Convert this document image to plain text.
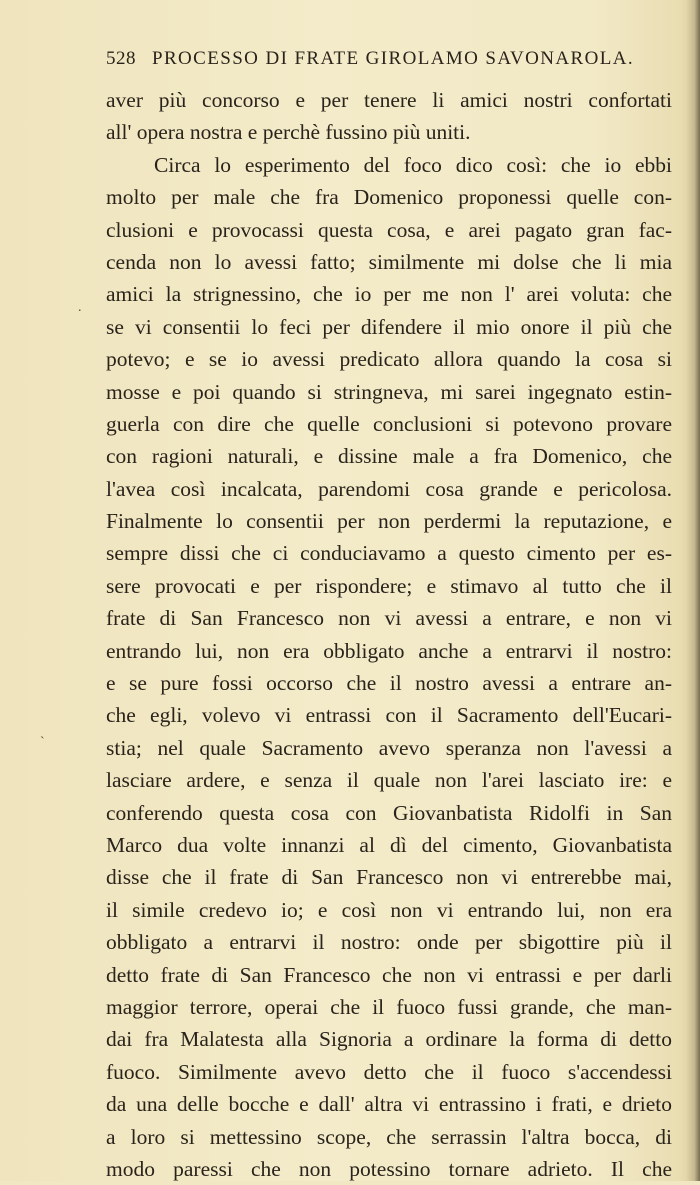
528 PROCESSO DI FRATE GIROLAMO SAVONAROLA.
aver più concorso e per tenere li amici nostri confortati
all' opera nostra e perchè fussino più uniti.
Circa lo esperimento del foco dico così: che io ebbi
molto per male che fra Domenico proponessi quelle con-
clusioni e provocassi questa cosa, e arei pagato gran fac-
cenda non lo avessi fatto; similmente mi dolse che li mia
amici la strignessino, che io per me non l' arei voluta: che
se vi consentii lo feci per difendere il mio onore il più che
potevo; e se io avessi predicato allora quando la cosa si
mosse e poi quando si stringneva, mi sarei ingegnato estin-
guerla con dire che quelle conclusioni si potevono provare
con ragioni naturali, e dissine male a fra Domenico, che
l'avea così incalcata, parendomi cosa grande e pericolosa.
Finalmente lo consentii per non perdermi la reputazione, e
sempre dissi che ci conduciavamo a questo cimento per es-
sere provocati e per rispondere; e stimavo al tutto che il
frate di San Francesco non vi avessi a entrare, e non vi
entrando lui, non era obbligato anche a entrarvi il nostro:
e se pure fossi occorso che il nostro avessi a entrare an-
che egli, volevo vi entrassi con il Sacramento dell'Eucari-
stia; nel quale Sacramento avevo speranza non l'avessi a
lasciare ardere, e senza il quale non l'arei lasciato ire: e
conferendo questa cosa con Giovanbatista Ridolfi in San
Marco dua volte innanzi al dì del cimento, Giovanbatista
disse che il frate di San Francesco non vi entrerebbe mai,
il simile credevo io; e così non vi entrando lui, non era
obbligato a entrarvi il nostro: onde per sbigottire più il
detto frate di San Francesco che non vi entrassi e per darli
maggior terrore, operai che il fuoco fussi grande, che man-
dai fra Malatesta alla Signoria a ordinare la forma di detto
fuoco. Similmente avevo detto che il fuoco s'accendessi
da una delle bocche e dall' altra vi entrassino i frati, e drieto
a loro si mettessino scope, che serrassin l'altra bocca, di
modo paressi che non potessino tornare adrieto. Il che
.
`
